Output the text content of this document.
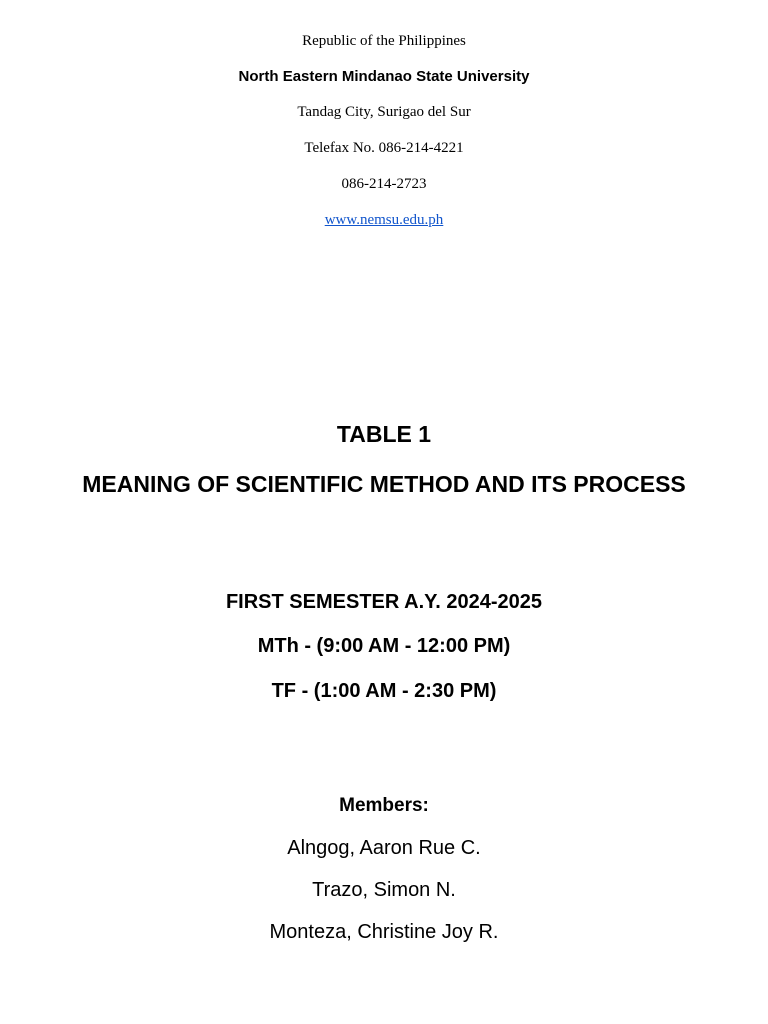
Republic of the Philippines
North Eastern Mindanao State University
Tandag City, Surigao del Sur
Telefax No. 086-214-4221
086-214-2723
www.nemsu.edu.ph
TABLE 1
MEANING OF SCIENTIFIC METHOD AND ITS PROCESS
FIRST SEMESTER A.Y. 2024-2025
MTh - (9:00 AM - 12:00 PM)
TF - (1:00 AM - 2:30 PM)
Members:
Alngog, Aaron Rue C.
Trazo, Simon N.
Monteza, Christine Joy R.
